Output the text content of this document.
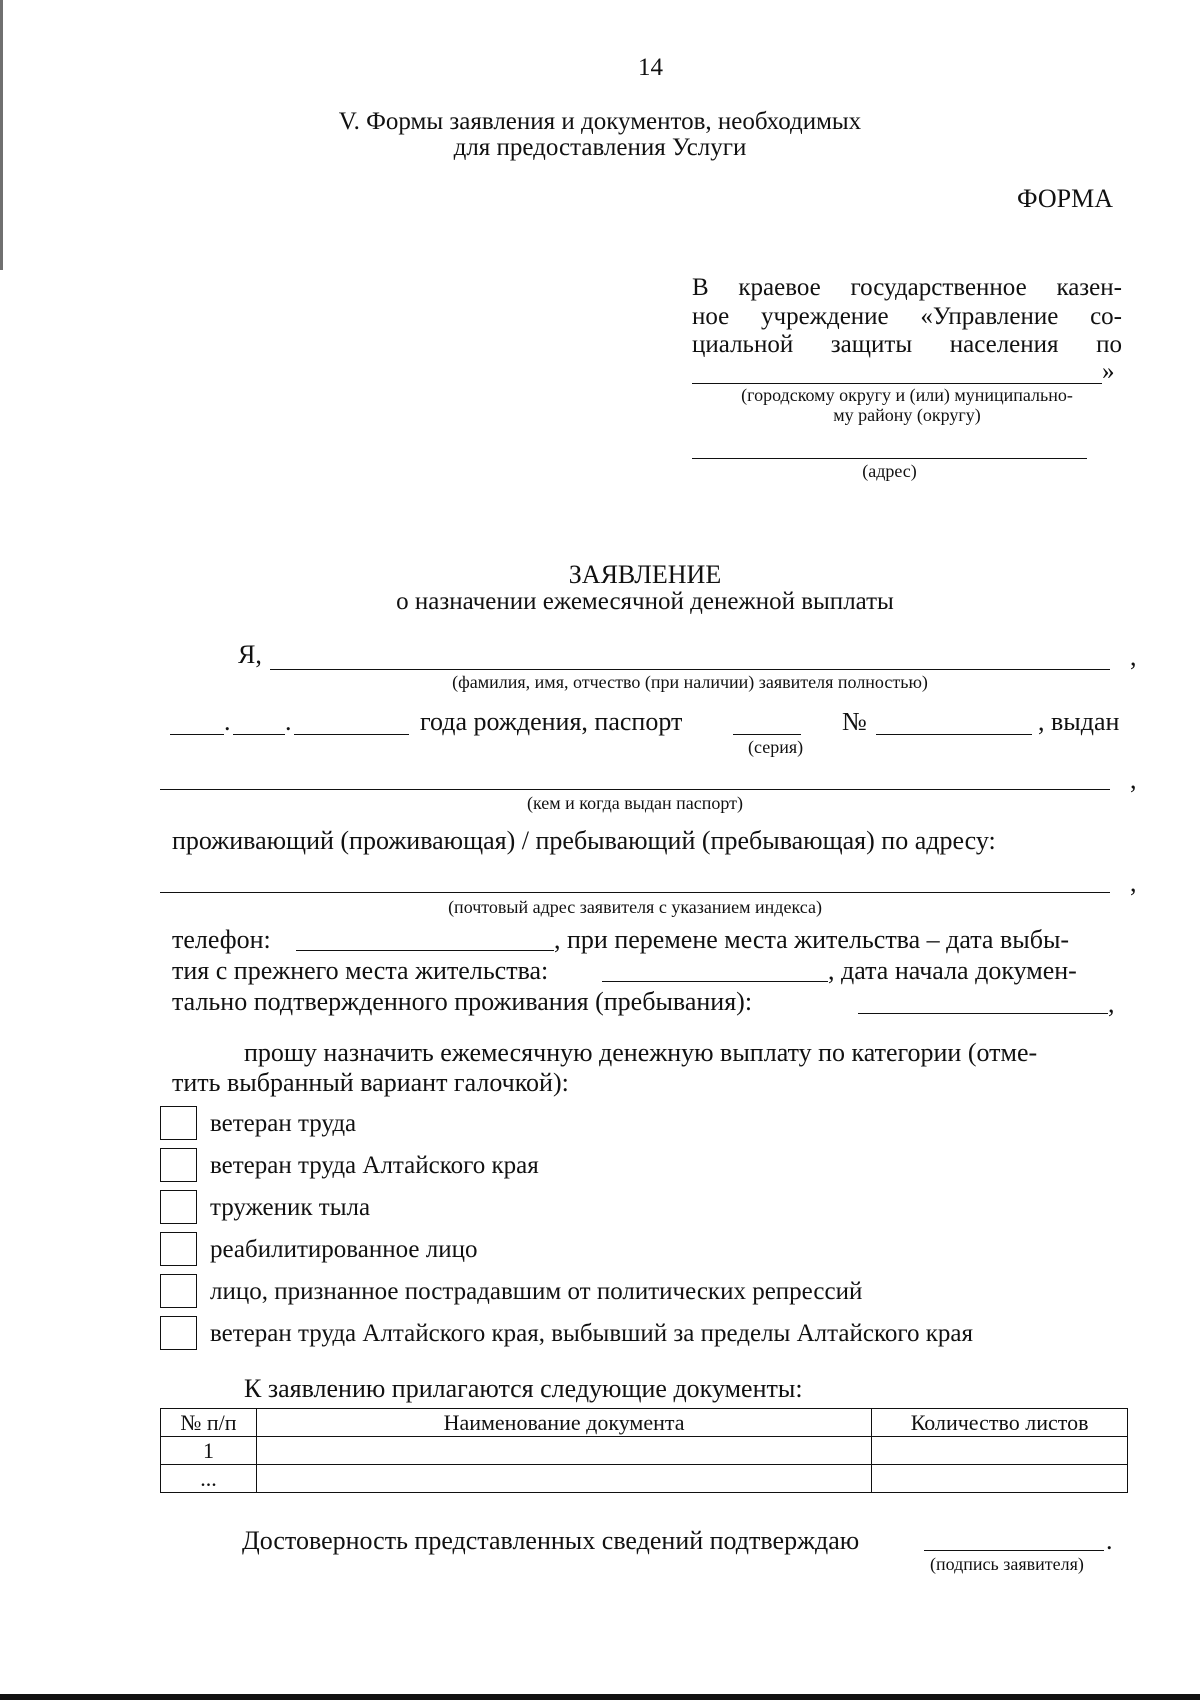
14
V. Формы заявления и документов, необходимых
для предоставления Услуги
ФОРМА
В краевое государственное казен-
ное учреждение «Управление со-
циальной защиты населения по
»
(городскому округу и (или) муниципально-
му району (округу)
(адрес)
ЗАЯВЛЕНИЕ
о назначении ежемесячной денежной выплаты
Я,	,
(фамилия, имя, отчество (при наличии) заявителя полностью)
. .	года рождения, паспорт
(серия)
№	, выдан
,
(кем и когда выдан паспорт)
проживающий (проживающая) / пребывающий (пребывающая) по адресу:
,
(почтовый адрес заявителя с указанием индекса)
телефон:	, при перемене места жительства – дата выбы-
тия с прежнего места жительства:	, дата начала докумен-
тально подтвержденного проживания (пребывания):	,
прошу назначить ежемесячную денежную выплату по категории (отме-
тить выбранный вариант галочкой):
ветеран труда
ветеран труда Алтайского края
труженик тыла
реабилитированное лицо
лицо, признанное пострадавшим от политических репрессий
ветеран труда Алтайского края, выбывший за пределы Алтайского края
К заявлению прилагаются следующие документы:
№ п/п	Наименование документа	Количество листов
1		
...		
Достоверность представленных сведений подтверждаю	.
(подпись заявителя)
